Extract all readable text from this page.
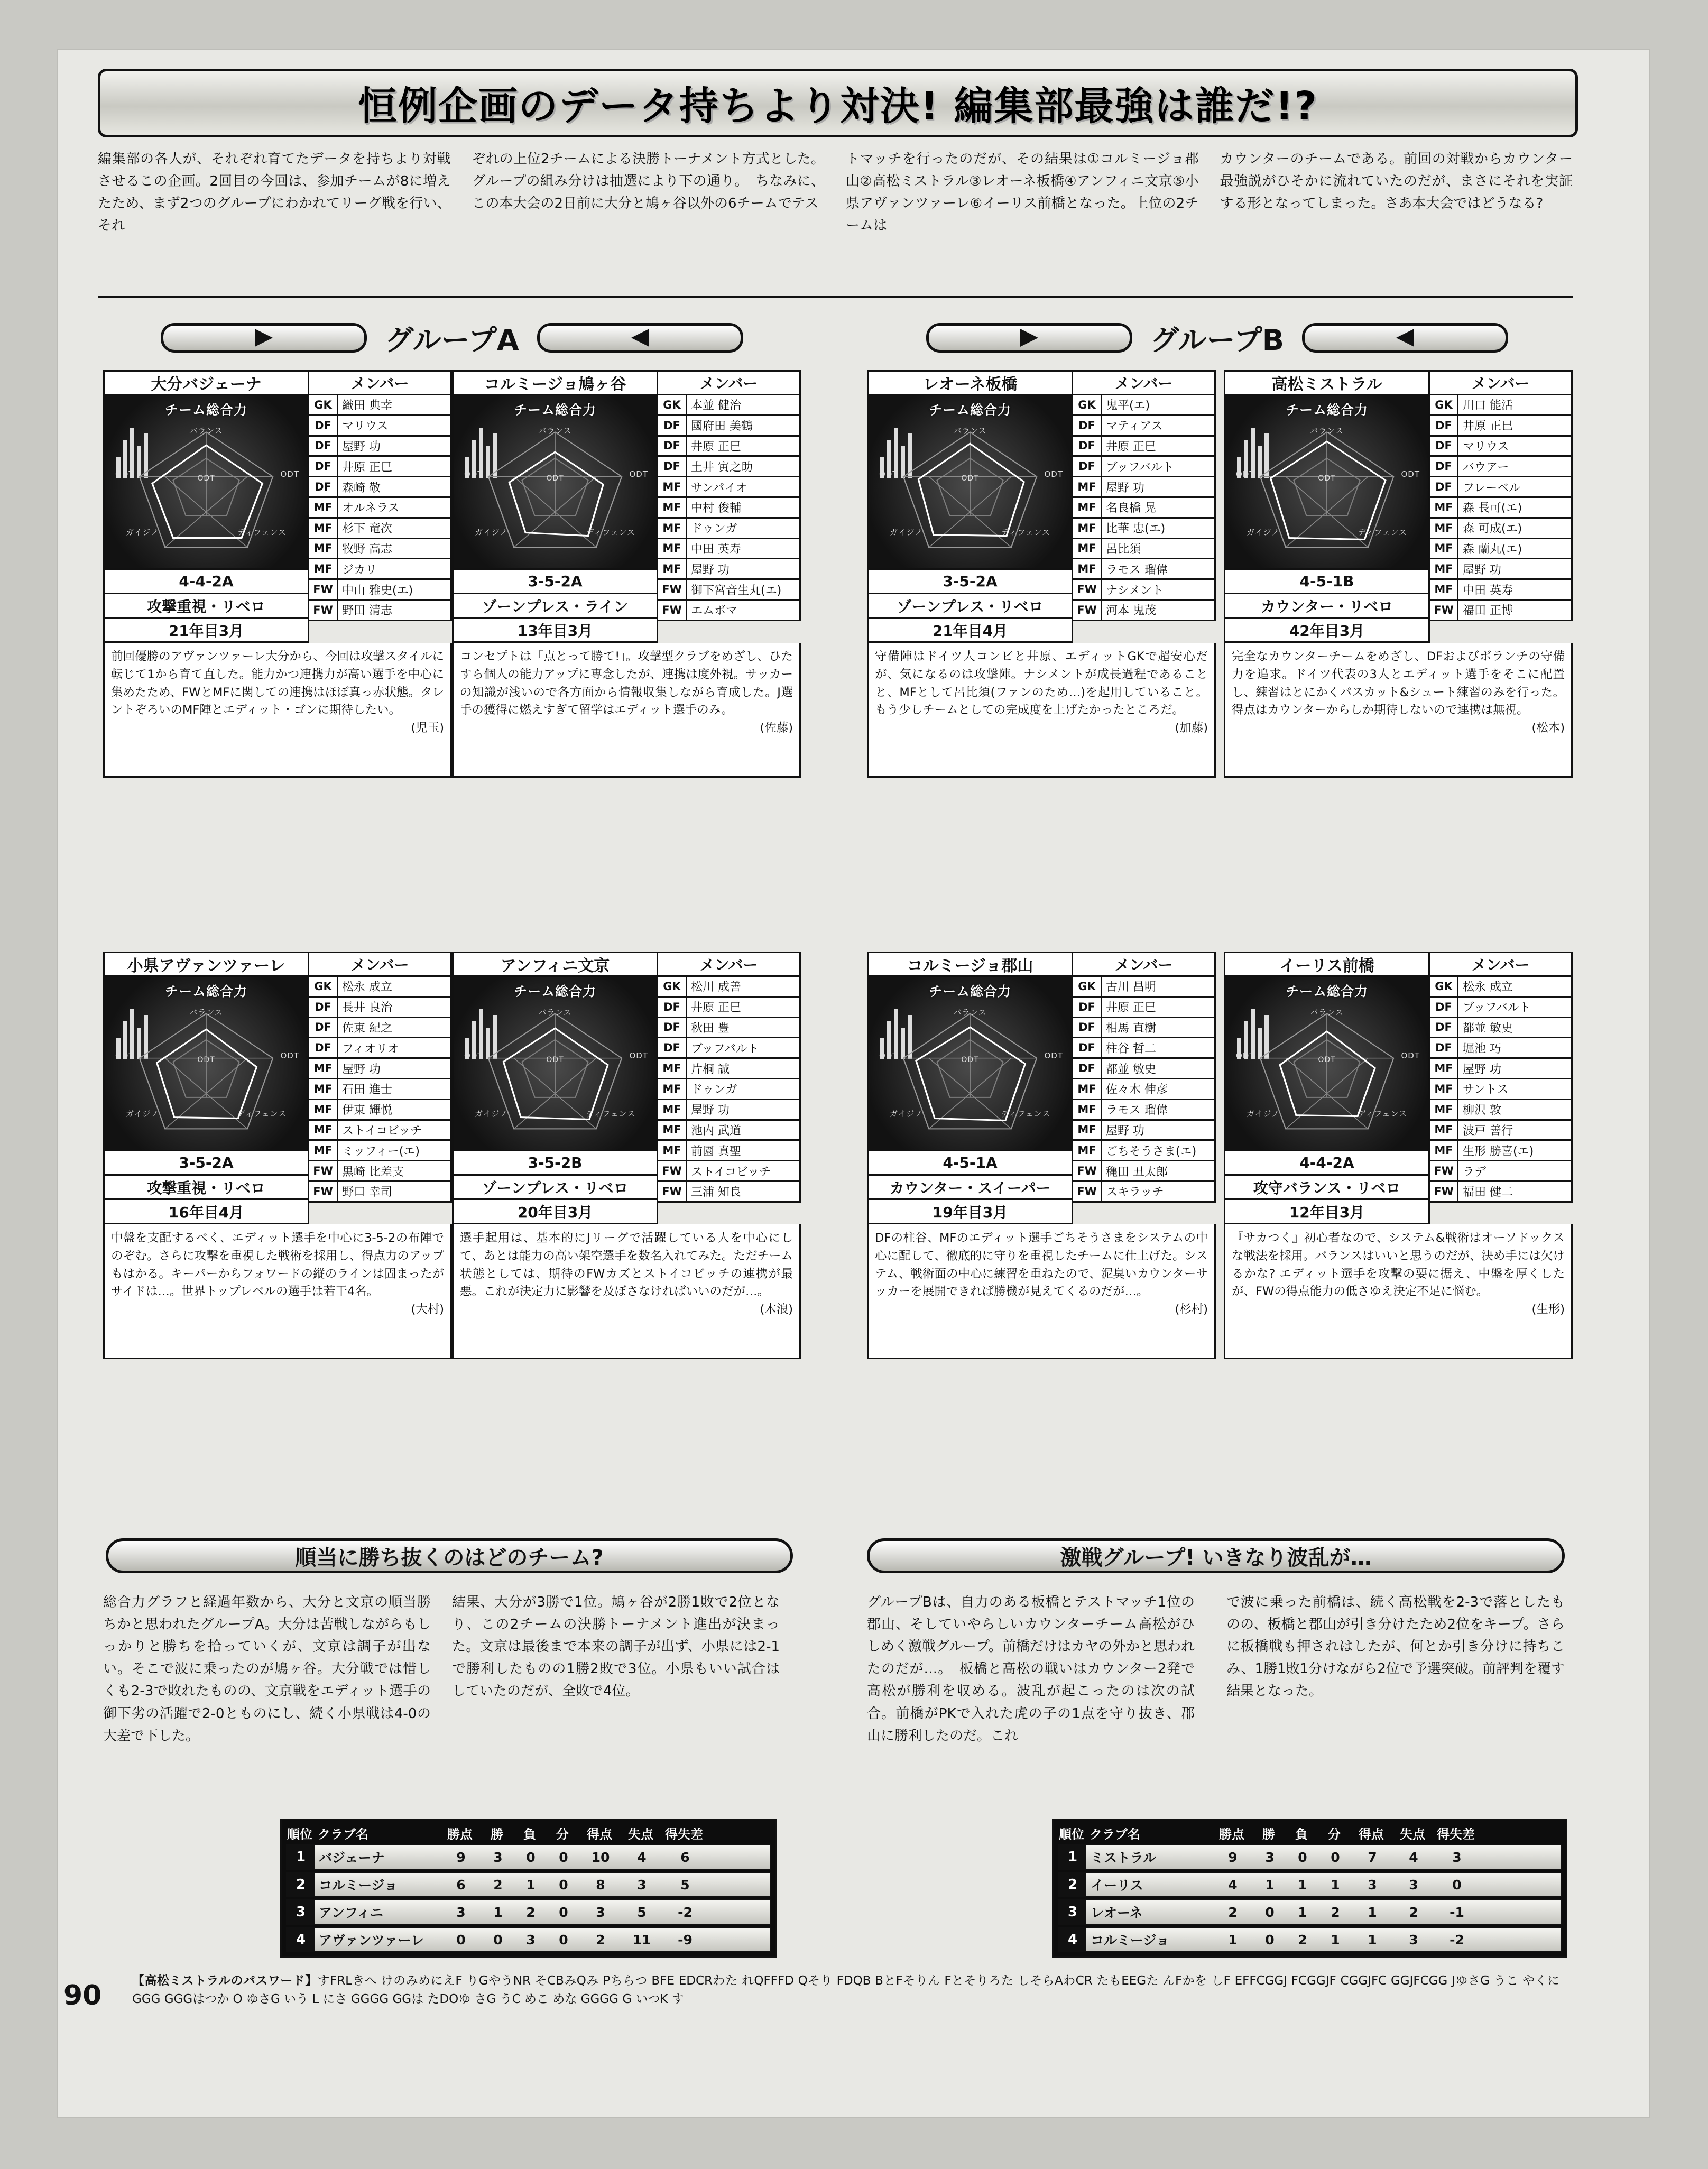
恒例企画のデータ持ちより対決! 編集部最強は誰だ!?
編集部の各人が、それぞれ育てたデータを持ちより対戦させるこの企画。2回目の今回は、参加チームが8に増えたため、まず2つのグループにわかれてリーグ戦を行い、それ
ぞれの上位2チームによる決勝トーナメント方式とした。グループの組み分けは抽選により下の通り。　ちなみに、この本大会の2日前に大分と鳩ヶ谷以外の6チームでテス
トマッチを行ったのだが、その結果は①コルミージョ郡山②高松ミストラル③レオーネ板橋④アンフィニ文京⑤小県アヴァンツァーレ⑥イーリス前橋となった。上位の2チームは
カウンターのチームである。前回の対戦からカウンター最強説がひそかに流れていたのだが、まさにそれを実証する形となってしまった。さあ本大会ではどうなる?
グループA	グループB
大分バジェーナ
チーム総合力
バランス
ODT	ODT
ガイジノ	ディフェンス
ODT
4-4-2A
攻撃重視・リベロ
21年目3月
メンバー
GK 織田 典幸
DF マリウス
DF 屋野 功
DF 井原 正巳
DF 森崎 敬
MF オルネラス
MF 杉下 竜次
MF 牧野 高志
MF ジカリ
FW 中山 雅史(エ)
FW 野田 清志
前回優勝のアヴァンツァーレ大分から、今回は攻撃スタイルに転じて1から育て直した。能力かつ連携力が高い選手を中心に集めたため、FWとMFに関しての連携はほぼ真っ赤状態。タレントぞろいのMF陣とエディット・ゴンに期待したい。
(児玉)
コルミージョ鳩ヶ谷
チーム総合力
バランス
ODT	ODT
ガイジノ	ディフェンス
ODT
3-5-2A
ゾーンプレス・ライン
13年目3月
メンバー
GK 本並 健治
DF 國府田 美鶴
DF 井原 正巳
DF 土井 寅之助
MF サンパイオ
MF 中村 俊輔
MF ドゥンガ
MF 中田 英寿
MF 屋野 功
FW 御下宮音生丸(エ)
FW エムボマ
コンセプトは「点とって勝て!」。攻撃型クラブをめざし、ひたすら個人の能力アップに専念したが、連携は度外視。サッカーの知識が浅いので各方面から情報収集しながら育成した。J選手の獲得に燃えすぎて留学はエディット選手のみ。
(佐藤)
レオーネ板橋
チーム総合力
バランス
ODT	ODT
ガイジノ	ディフェンス
ODT
3-5-2A
ゾーンプレス・リベロ
21年目4月
メンバー
GK 鬼平(エ)
DF マティアス
DF 井原 正巳
DF ブッフバルト
MF 屋野 功
MF 名良橋 晃
MF 比華 忠(エ)
MF 呂比須
MF ラモス 瑠偉
FW ナシメント
FW 河本 鬼茂
守備陣はドイツ人コンビと井原、エディットGKで超安心だが、気になるのは攻撃陣。ナシメントが成長過程であることと、MFとして呂比須(ファンのため…)を起用していること。もう少しチームとしての完成度を上げたかったところだ。
(加藤)
高松ミストラル
チーム総合力
バランス
ODT	ODT
ガイジノ	ディフェンス
ODT
4-5-1B
カウンター・リベロ
42年目3月
メンバー
GK 川口 能活
DF 井原 正巳
DF マリウス
DF バウアー
DF フレーベル
MF 森 長可(エ)
MF 森 可成(エ)
MF 森 蘭丸(エ)
MF 屋野 功
MF 中田 英寿
FW 福田 正博
完全なカウンターチームをめざし、DFおよびボランチの守備力を追求。ドイツ代表の3人とエディット選手をそこに配置し、練習はとにかくパスカット&シュート練習のみを行った。得点はカウンターからしか期待しないので連携は無視。
(松本)
小県アヴァンツァーレ
チーム総合力
バランス
ODT	ODT
ガイジノ	ディフェンス
ODT
3-5-2A
攻撃重視・リベロ
16年目4月
メンバー
GK 松永 成立
DF 長井 良治
DF 佐東 紀之
DF フィオリオ
MF 屋野 功
MF 石田 進士
MF 伊東 輝悦
MF ストイコビッチ
MF ミッフィー(エ)
FW 黒崎 比差支
FW 野口 幸司
中盤を支配するべく、エディット選手を中心に3-5-2の布陣でのぞむ。さらに攻撃を重視した戦術を採用し、得点力のアップもはかる。キーパーからフォワードの縦のラインは固まったがサイドは…。世界トップレベルの選手は若干4名。
(大村)
アンフィニ文京
チーム総合力
バランス
ODT	ODT
ガイジノ	ディフェンス
ODT
3-5-2B
ゾーンプレス・リベロ
20年目3月
メンバー
GK 松川 成善
DF 井原 正巳
DF 秋田 豊
DF ブッフバルト
MF 片桐 誠
MF ドゥンガ
MF 屋野 功
MF 池内 武道
MF 前園 真聖
FW ストイコビッチ
FW 三浦 知良
選手起用は、基本的にJリーグで活躍している人を中心にして、あとは能力の高い架空選手を数名入れてみた。ただチーム状態としては、期待のFWカズとストイコビッチの連携が最悪。これが決定力に影響を及ぼさなければいいのだが…。
(木浪)
コルミージョ郡山
チーム総合力
バランス
ODT	ODT
ガイジノ	ディフェンス
ODT
4-5-1A
カウンター・スイーパー
19年目3月
メンバー
GK 古川 昌明
DF 井原 正巳
DF 相馬 直樹
DF 柱谷 哲二
DF 都並 敏史
MF 佐々木 伸彦
MF ラモス 瑠偉
MF 屋野 功
MF ごちそうさま(エ)
FW 穐田 丑太郎
FW スキラッチ
DFの柱谷、MFのエディット選手ごちそうさまをシステムの中心に配して、徹底的に守りを重視したチームに仕上げた。システム、戦術面の中心に練習を重ねたので、泥臭いカウンターサッカーを展開できれば勝機が見えてくるのだが…。
(杉村)
イーリス前橋
チーム総合力
バランス
ODT	ODT
ガイジノ	ディフェンス
ODT
4-4-2A
攻守バランス・リベロ
12年目3月
メンバー
GK 松永 成立
DF ブッフバルト
DF 都並 敏史
DF 堀池 巧
MF 屋野 功
MF サントス
MF 柳沢 敦
MF 波戸 善行
MF 生形 勝喜(エ)
FW ラデ
FW 福田 健二
『サカつく』初心者なので、システム&戦術はオーソドックスな戦法を採用。バランスはいいと思うのだが、決め手には欠けるかな? エディット選手を攻撃の要に据え、中盤を厚くしたが、FWの得点能力の低さゆえ決定不足に悩む。
(生形)
順当に勝ち抜くのはどのチーム?	激戦グループ! いきなり波乱が…
総合力グラフと経過年数から、大分と文京の順当勝ちかと思われたグループA。大分は苦戦しながらもしっかりと勝ちを拾っていくが、文京は調子が出ない。そこで波に乗ったのが鳩ヶ谷。大分戦では惜しくも2-3で敗れたものの、文京戦をエディット選手の御下劣の活躍で2-0とものにし、続く小県戦は4-0の大差で下した。
結果、大分が3勝で1位。鳩ヶ谷が2勝1敗で2位となり、この2チームの決勝トーナメント進出が決まった。文京は最後まで本来の調子が出ず、小県には2-1で勝利したものの1勝2敗で3位。小県もいい試合はしていたのだが、全敗で4位。
グループBは、自力のある板橋とテストマッチ1位の郡山、そしていやらしいカウンターチーム高松がひしめく激戦グループ。前橋だけはカヤの外かと思われたのだが…。　板橋と高松の戦いはカウンター2発で高松が勝利を収める。波乱が起こったのは次の試合。前橋がPKで入れた虎の子の1点を守り抜き、郡山に勝利したのだ。これ
で波に乗った前橋は、続く高松戦を2-3で落としたものの、板橋と郡山が引き分けたため2位をキープ。さらに板橋戦も押されはしたが、何とか引き分けに持ちこみ、1勝1敗1分けながら2位で予選突破。前評判を覆す結果となった。
順位 クラブ名	勝点	勝	負	分	得点	失点 得失差
1 バジェーナ	9	3	0	0	10	4	6
2 コルミージョ	6	2	1	0	8	3	5
3 アンフィニ	3	1	2	0	3	5	-2
4 アヴァンツァーレ	0	0	3	0	2	11	-9
順位 クラブ名	勝点	勝	負	分	得点	失点 得失差
1 ミストラル	9	3	0	0	7	4	3
2 イーリス	4	1	1	1	3	3	0
3 レオーネ	2	0	1	2	1	2	-1
4 コルミージョ	1	0	2	1	1	3	-2
90	【高松ミストラルのパスワード】すFRLきへ けのみめにえF りGやうNR そCBみQみ Pちらつ BFE EDCRわた れQFFFD Qそり FDQB BとFそりん Fとそりろた しそらAわCR たもEEGた んFかを しF EFFCGGJ FCGGJF CGGJFC GGJFCGG JゆさG うこ やくに GGG GGGはつか O ゆさG いう L にさ GGGG GGは たDOゆ さG うC めこ めな GGGG G いつK す
